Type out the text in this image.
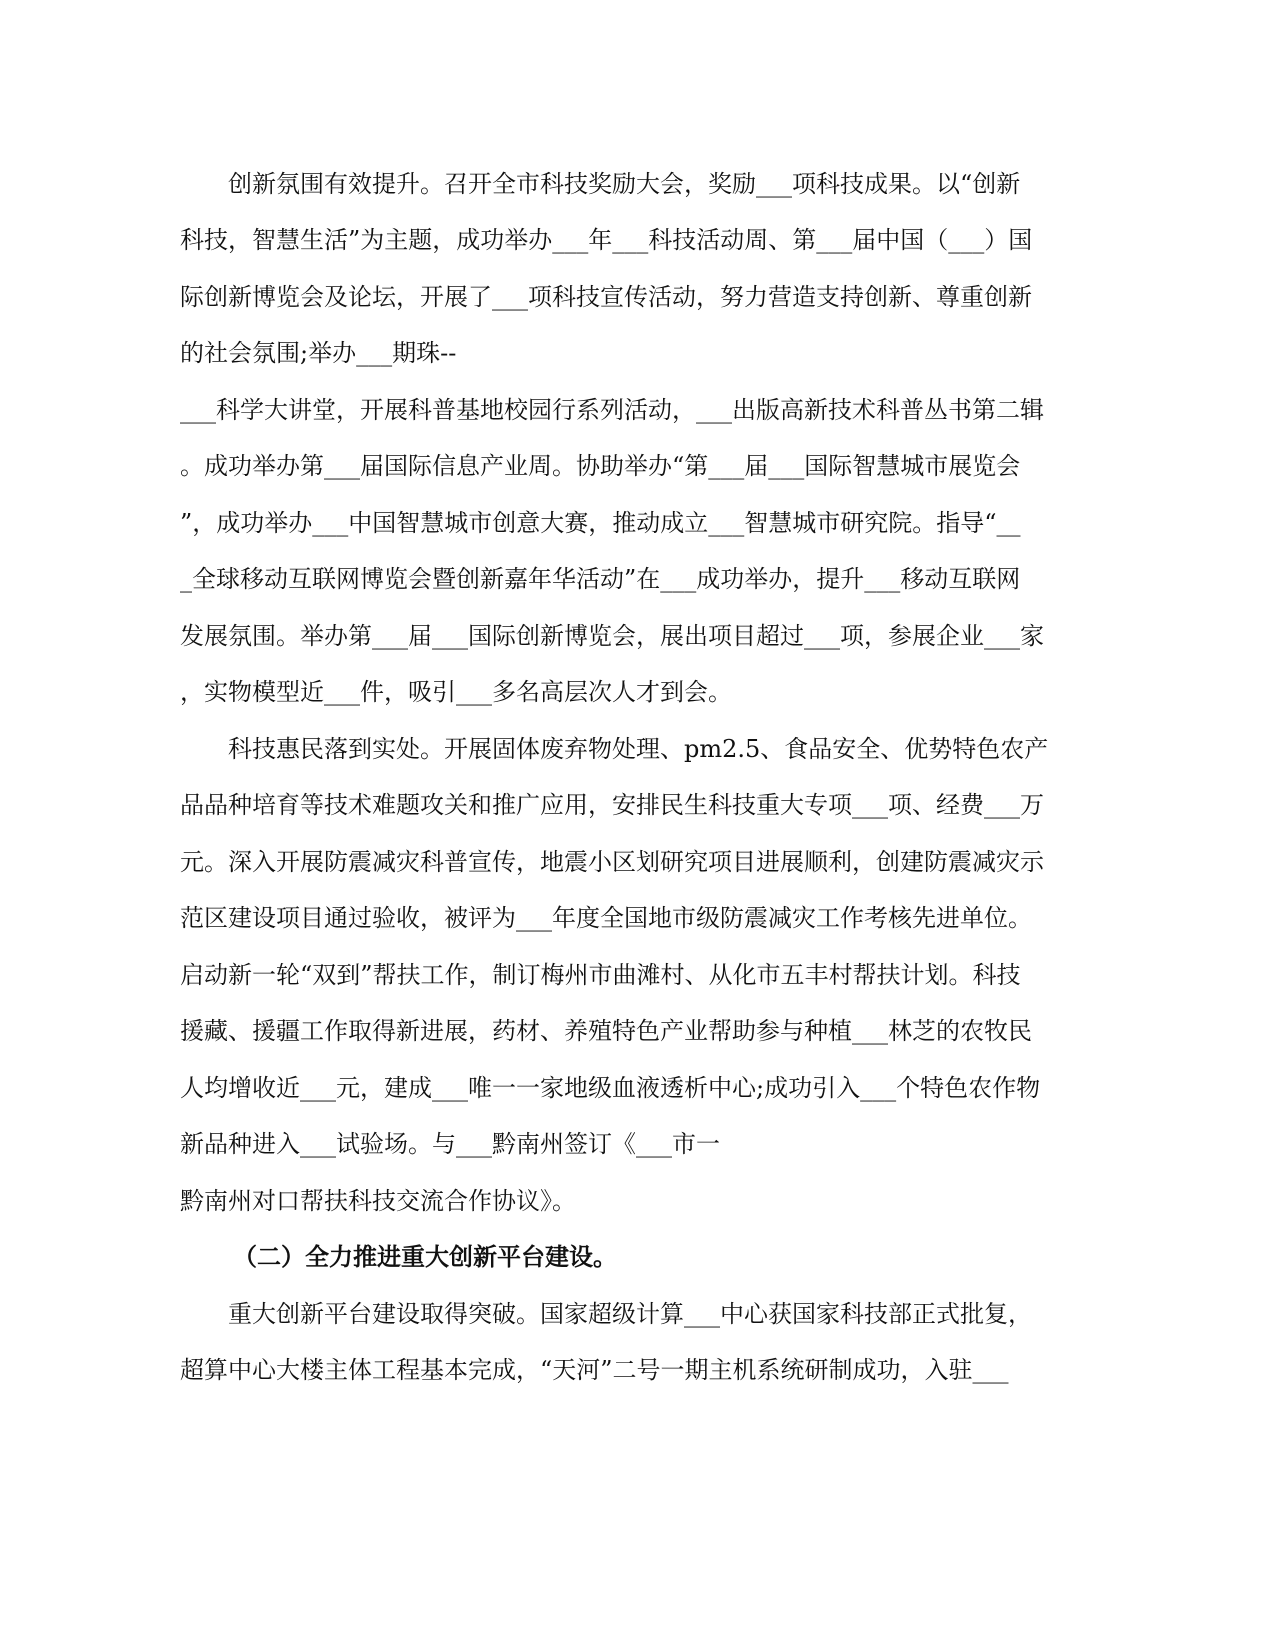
创新氛围有效提升。召开全市科技奖励大会，奖励___项科技成果。以“创新
科技，智慧生活”为主题，成功举办___年___科技活动周、第___届中国（___）国
际创新博览会及论坛，开展了___项科技宣传活动，努力营造支持创新、尊重创新
的社会氛围;举办___期珠--
___科学大讲堂，开展科普基地校园行系列活动，___出版高新技术科普丛书第二辑
。成功举办第___届国际信息产业周。协助举办“第___届___国际智慧城市展览会
”，成功举办___中国智慧城市创意大赛，推动成立___智慧城市研究院。指导“__
_全球移动互联网博览会暨创新嘉年华活动”在___成功举办，提升___移动互联网
发展氛围。举办第___届___国际创新博览会，展出项目超过___项，参展企业___家
，实物模型近___件，吸引___多名高层次人才到会。
科技惠民落到实处。开展固体废弃物处理、pm2.5、食品安全、优势特色农产
品品种培育等技术难题攻关和推广应用，安排民生科技重大专项___项、经费___万
元。深入开展防震减灾科普宣传，地震小区划研究项目进展顺利，创建防震减灾示
范区建设项目通过验收，被评为___年度全国地市级防震减灾工作考核先进单位。
启动新一轮“双到”帮扶工作，制订梅州市曲滩村、从化市五丰村帮扶计划。科技
援藏、援疆工作取得新进展，药材、养殖特色产业帮助参与种植___林芝的农牧民
人均增收近___元，建成___唯一一家地级血液透析中心;成功引入___个特色农作物
新品种进入___试验场。与___黔南州签订《___市一
黔南州对口帮扶科技交流合作协议》。
（二）全力推进重大创新平台建设。
重大创新平台建设取得突破。国家超级计算___中心获国家科技部正式批复，
超算中心大楼主体工程基本完成，“天河”二号一期主机系统研制成功，入驻___
